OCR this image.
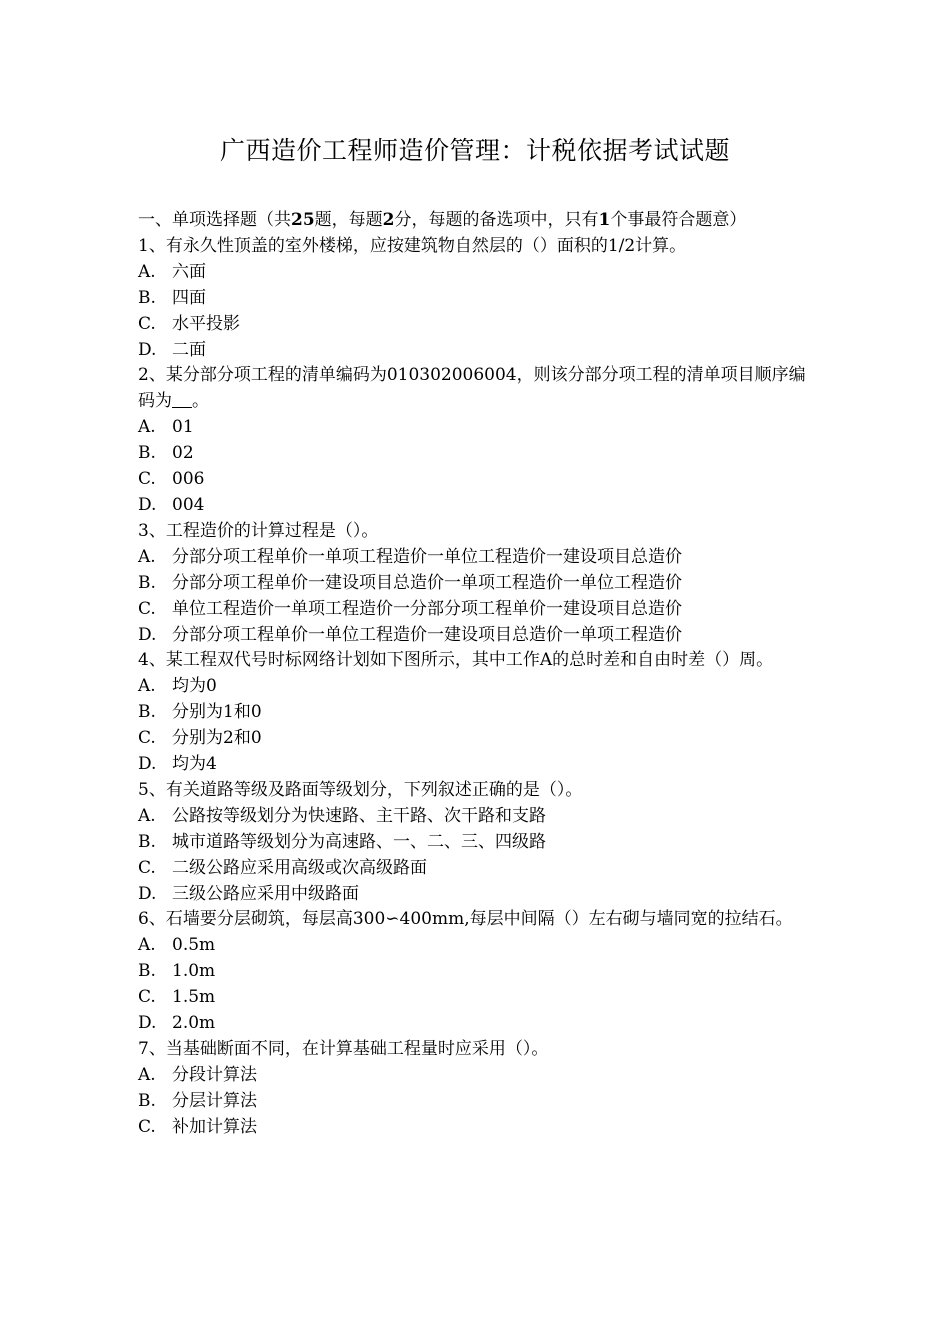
广西造价工程师造价管理：计税依据考试试题
一、单项选择题（共25题，每题2分，每题的备选项中，只有1个事最符合题意）
1、有永久性顶盖的室外楼梯，应按建筑物自然层的（）面积的1/2计算。
A. 六面
B. 四面
C. 水平投影
D. 二面
2、某分部分项工程的清单编码为010302006004，则该分部分项工程的清单项目顺序编码为 。
A. 01
B. 02
C. 006
D. 004
3、工程造价的计算过程是（）。
A. 分部分项工程单价一单项工程造价一单位工程造价一建设项目总造价
B. 分部分项工程单价一建设项目总造价一单项工程造价一单位工程造价
C. 单位工程造价一单项工程造价一分部分项工程单价一建设项目总造价
D. 分部分项工程单价一单位工程造价一建设项目总造价一单项工程造价
4、某工程双代号时标网络计划如下图所示，其中工作A的总时差和自由时差（）周。
A. 均为0
B. 分别为1和0
C. 分别为2和0
D. 均为4
5、有关道路等级及路面等级划分，下列叙述正确的是（）。
A. 公路按等级划分为快速路、主干路、次干路和支路
B. 城市道路等级划分为高速路、一、二、三、四级路
C. 二级公路应采用高级或次高级路面
D. 三级公路应采用中级路面
6、石墙要分层砌筑，每层高300∽400mm,每层中间隔（）左右砌与墙同宽的拉结石。
A. 0.5m
B. 1.0m
C. 1.5m
D. 2.0m
7、当基础断面不同，在计算基础工程量时应采用（）。
A. 分段计算法
B. 分层计算法
C. 补加计算法
